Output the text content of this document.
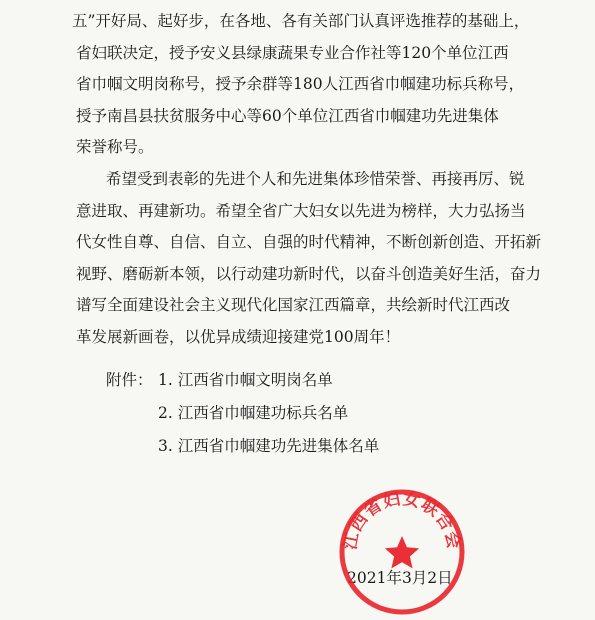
五”开好局、起好步，在各地、各有关部门认真评选推荐的基础上，
省妇联决定，授予安义县绿康蔬果专业合作社等120个单位江西
省巾帼文明岗称号，授予余群等180人江西省巾帼建功标兵称号，
授予南昌县扶贫服务中心等60个单位江西省巾帼建功先进集体
荣誉称号。
希望受到表彰的先进个人和先进集体珍惜荣誉、再接再厉、锐
意进取、再建新功。希望全省广大妇女以先进为榜样，大力弘扬当
代女性自尊、自信、自立、自强的时代精神，不断创新创造、开拓新
视野、磨砺新本领，以行动建功新时代，以奋斗创造美好生活，奋力
谱写全面建设社会主义现代化国家江西篇章，共绘新时代江西改
革发展新画卷，以优异成绩迎接建党100周年！
附件： 1. 江西省巾帼文明岗名单
2. 江西省巾帼建功标兵名单
3. 江西省巾帼建功先进集体名单
2021年3月2日
江西省妇女联合会
